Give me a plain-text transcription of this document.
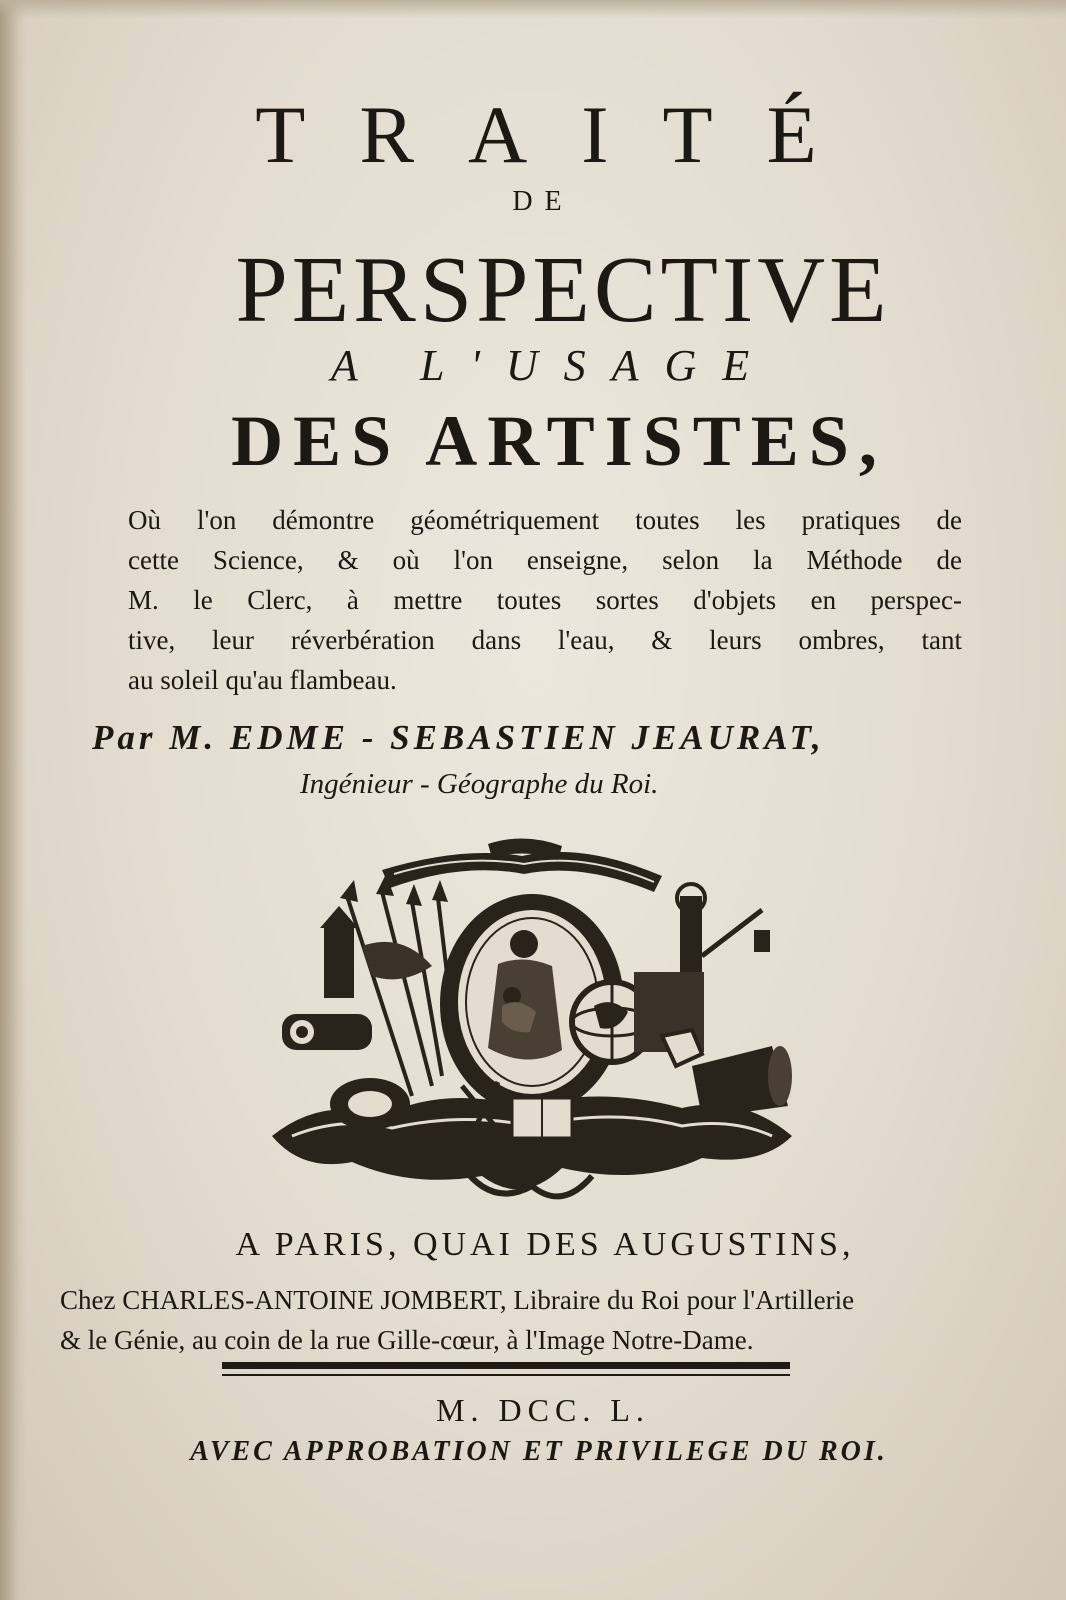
TRAITÉ
DE
PERSPECTIVE
A L'USAGE
DES ARTISTES,
Où l'on démontre géométriquement toutes les pratiques de
cette Science, & où l'on enseigne, selon la Méthode de
M. le Clerc, à mettre toutes sortes d'objets en perspec-
tive, leur réverbération dans l'eau, & leurs ombres, tant
au soleil qu'au flambeau.
Par M. EDME - SEBASTIEN JEAURAT,
Ingénieur - Géographe du Roi.
A PARIS, QUAI DES AUGUSTINS,
Chez CHARLES-ANTOINE JOMBERT, Libraire du Roi pour l'Artillerie
& le Génie, au coin de la rue Gille-cœur, à l'Image Notre-Dame.
M. DCC. L.
AVEC APPROBATION ET PRIVILEGE DU ROI.
